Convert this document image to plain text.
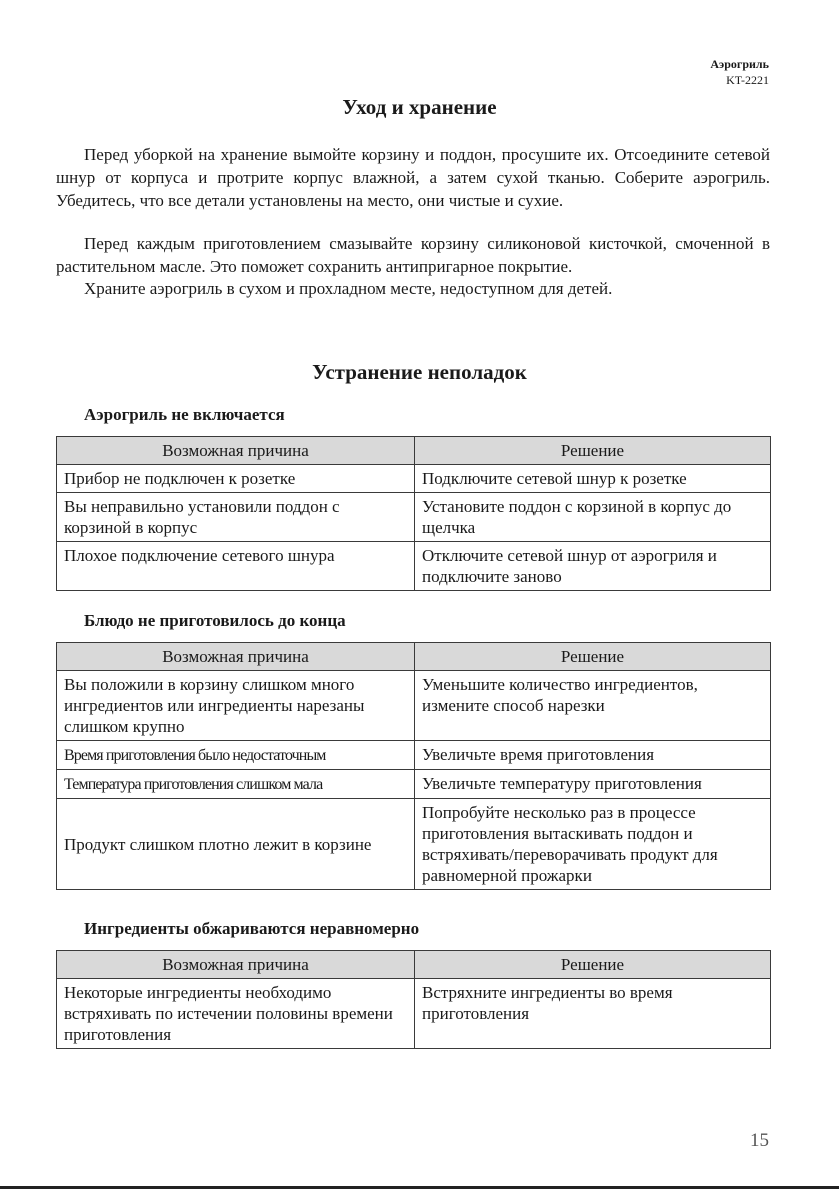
Аэрогриль
KT-2221
Уход и хранение
Перед уборкой на хранение вымойте корзину и поддон, просушите их. Отсоедините сетевой шнур от корпуса и протрите корпус влажной, а затем сухой тканью. Соберите аэрогриль. Убедитесь, что все детали установлены на место, они чистые и сухие.
Перед каждым приготовлением смазывайте корзину силиконовой кисточкой, смоченной в растительном масле. Это поможет сохранить антипригарное покрытие.
Храните аэрогриль в сухом и прохладном месте, недоступном для детей.
Устранение неполадок
Аэрогриль не включается
Возможная причина	Решение
Прибор не подключен к розетке	Подключите сетевой шнур к розетке
Вы неправильно установили поддон с корзиной в корпус	Установите поддон с корзиной в корпус до щелчка
Плохое подключение сетевого шнура	Отключите сетевой шнур от аэрогриля и подключите заново
Блюдо не приготовилось до конца
Возможная причина	Решение
Вы положили в корзину слишком много ингредиентов или ингредиенты нарезаны слишком крупно	Уменьшите количество ингредиентов, измените способ нарезки
Время приготовления было недостаточным	Увеличьте время приготовления
Температура приготовления слишком мала	Увеличьте температуру приготовления
Продукт слишком плотно лежит в корзине	Попробуйте несколько раз в процессе приготовления вытаскивать поддон и встряхивать/переворачивать продукт для равномерной прожарки
Ингредиенты обжариваются неравномерно
Возможная причина	Решение
Некоторые ингредиенты необходимо встряхивать по истечении половины времени приготовления	Встряхните ингредиенты во время приготовления
15
